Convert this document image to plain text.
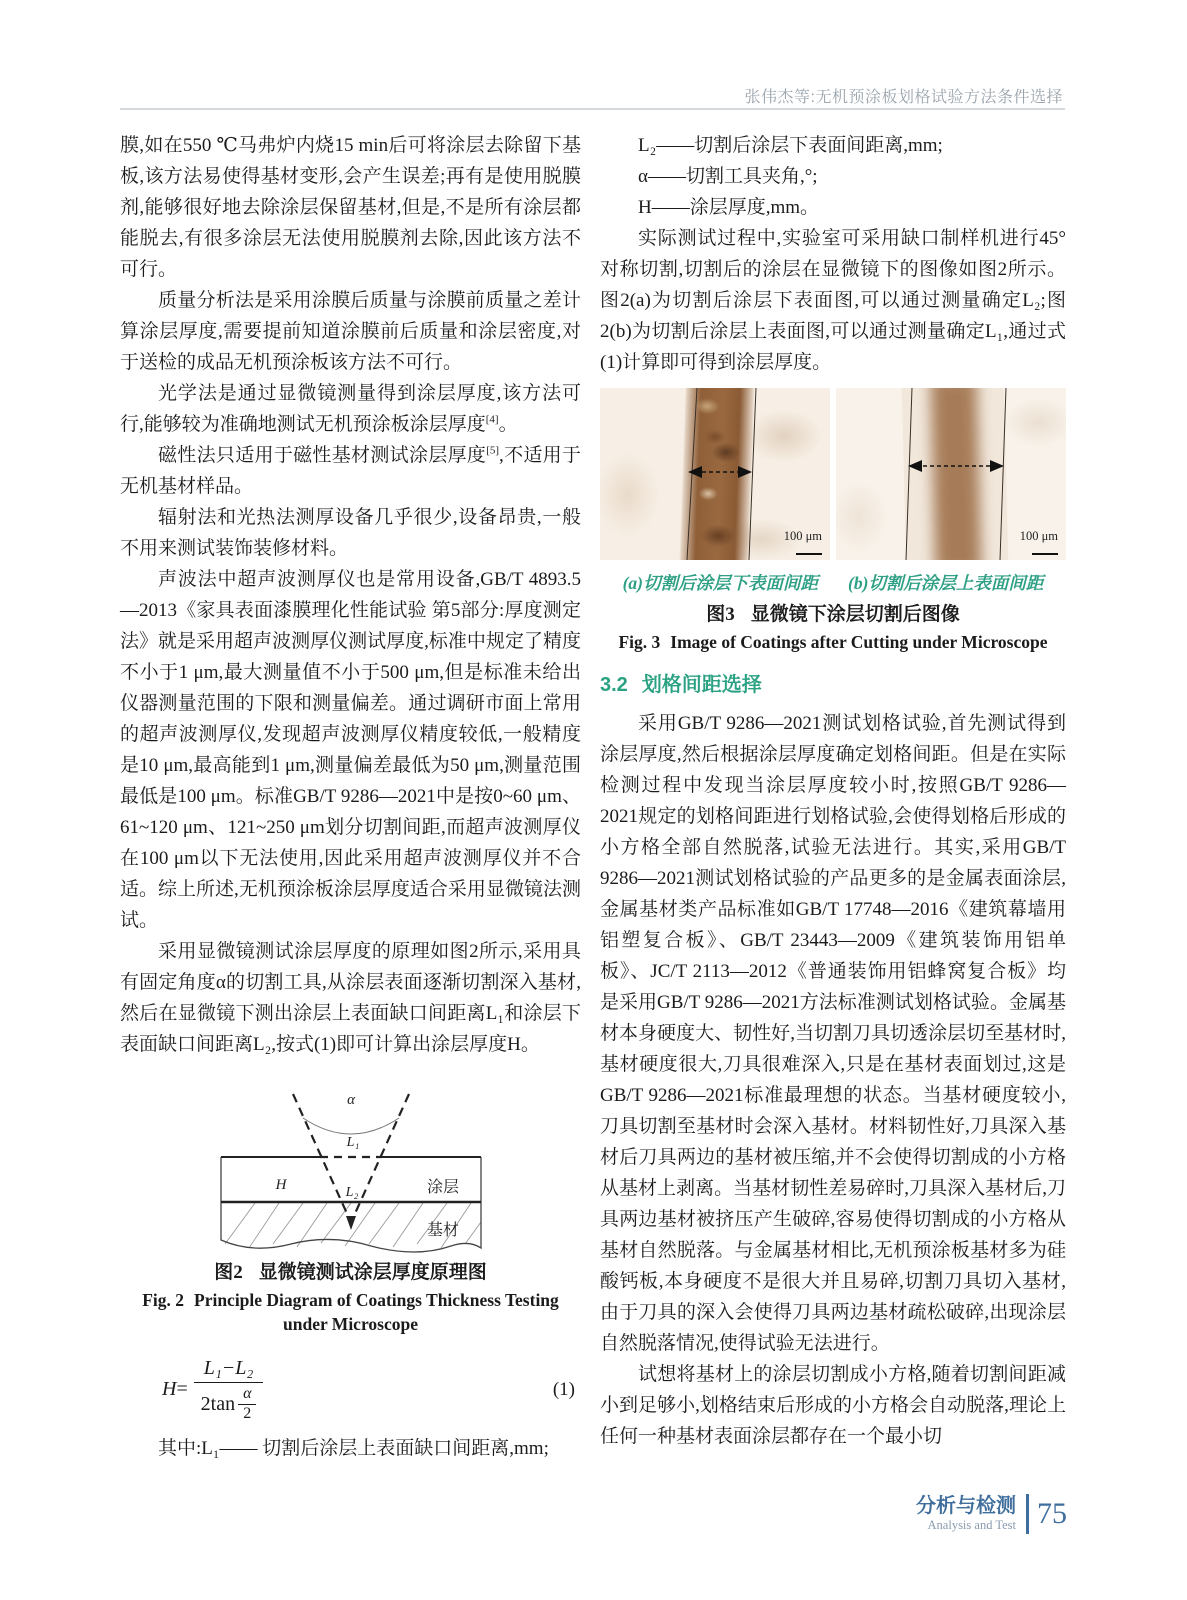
张伟杰等:无机预涂板划格试验方法条件选择

膜,如在550 ℃马弗炉内烧15 min后可将涂层去除留下基板,该方法易使得基材变形,会产生误差;再有是使用脱膜剂,能够很好地去除涂层保留基材,但是,不是所有涂层都能脱去,有很多涂层无法使用脱膜剂去除,因此该方法不可行。

质量分析法是采用涂膜后质量与涂膜前质量之差计算涂层厚度,需要提前知道涂膜前后质量和涂层密度,对于送检的成品无机预涂板该方法不可行。

光学法是通过显微镜测量得到涂层厚度,该方法可行,能够较为准确地测试无机预涂板涂层厚度[4]。

磁性法只适用于磁性基材测试涂层厚度[5],不适用于无机基材样品。

辐射法和光热法测厚设备几乎很少,设备昂贵,一般不用来测试装饰装修材料。

声波法中超声波测厚仪也是常用设备,GB/T 4893.5—2013《家具表面漆膜理化性能试验 第5部分:厚度测定法》就是采用超声波测厚仪测试厚度,标准中规定了精度不小于1 μm,最大测量值不小于500 μm,但是标准未给出仪器测量范围的下限和测量偏差。通过调研市面上常用的超声波测厚仪,发现超声波测厚仪精度较低,一般精度是10 μm,最高能到1 μm,测量偏差最低为50 μm,测量范围最低是100 μm。标准GB/T 9286—2021中是按0~60 μm、61~120 μm、121~250 μm划分切割间距,而超声波测厚仪在100 μm以下无法使用,因此采用超声波测厚仪并不合适。综上所述,无机预涂板涂层厚度适合采用显微镜法测试。

采用显微镜测试涂层厚度的原理如图2所示,采用具有固定角度α的切割工具,从涂层表面逐渐切割深入基材,然后在显微镜下测出涂层上表面缺口间距离L₁和涂层下表面缺口间距离L₂,按式(1)即可计算出涂层厚度H。

α
L₁
H	L₂	涂层
基材
图2 显微镜测试涂层厚度原理图
Fig. 2 Principle Diagram of Coatings Thickness Testing under Microscope
$H = \frac{\text{L₁−L₂}}{2\tan \frac{\alpha}{2}}$	(1)

其中:L₁—— 切割后涂层上表面缺口间距离,mm;

L₂——切割后涂层下表面间距离,mm;

α——切割工具夹角,°;

H——涂层厚度,mm。

实际测试过程中,实验室可采用缺口制样机进行45°对称切割,切割后的涂层在显微镜下的图像如图2所示。图2(a)为切割后涂层下表面图,可以通过测量确定L₂;图2(b)为切割后涂层上表面图,可以通过测量确定L₁,通过式(1)计算即可得到涂层厚度。

100 μm	100 μm
(a)切割后涂层下表面间距 (b)切割后涂层上表面间距
图3 显微镜下涂层切割后图像
Fig. 3 Image of Coatings after Cutting under Microscope
3.2 划格间距选择

采用GB/T 9286—2021测试划格试验,首先测试得到涂层厚度,然后根据涂层厚度确定划格间距。但是在实际检测过程中发现当涂层厚度较小时,按照GB/T 9286—2021规定的划格间距进行划格试验,会使得划格后形成的小方格全部自然脱落,试验无法进行。其实,采用GB/T 9286—2021测试划格试验的产品更多的是金属表面涂层,金属基材类产品标准如GB/T 17748—2016《建筑幕墙用铝塑复合板》、GB/T 23443—2009《建筑装饰用铝单板》、JC/T 2113—2012《普通装饰用铝蜂窝复合板》均是采用GB/T 9286—2021方法标准测试划格试验。金属基材本身硬度大、韧性好,当切割刀具切透涂层切至基材时,基材硬度很大,刀具很难深入,只是在基材表面划过,这是GB/T 9286—2021标准最理想的状态。当基材硬度较小,刀具切割至基材时会深入基材。材料韧性好,刀具深入基材后刀具两边的基材被压缩,并不会使得切割成的小方格从基材上剥离。当基材韧性差易碎时,刀具深入基材后,刀具两边基材被挤压产生破碎,容易使得切割成的小方格从基材自然脱落。与金属基材相比,无机预涂板基材多为硅酸钙板,本身硬度不是很大并且易碎,切割刀具切入基材,由于刀具的深入会使得刀具两边基材疏松破碎,出现涂层自然脱落情况,使得试验无法进行。

试想将基材上的涂层切割成小方格,随着切割间距减小到足够小,划格结束后形成的小方格会自动脱落,理论上任何一种基材表面涂层都存在一个最小切

分析与检测
Analysis and Test 75
